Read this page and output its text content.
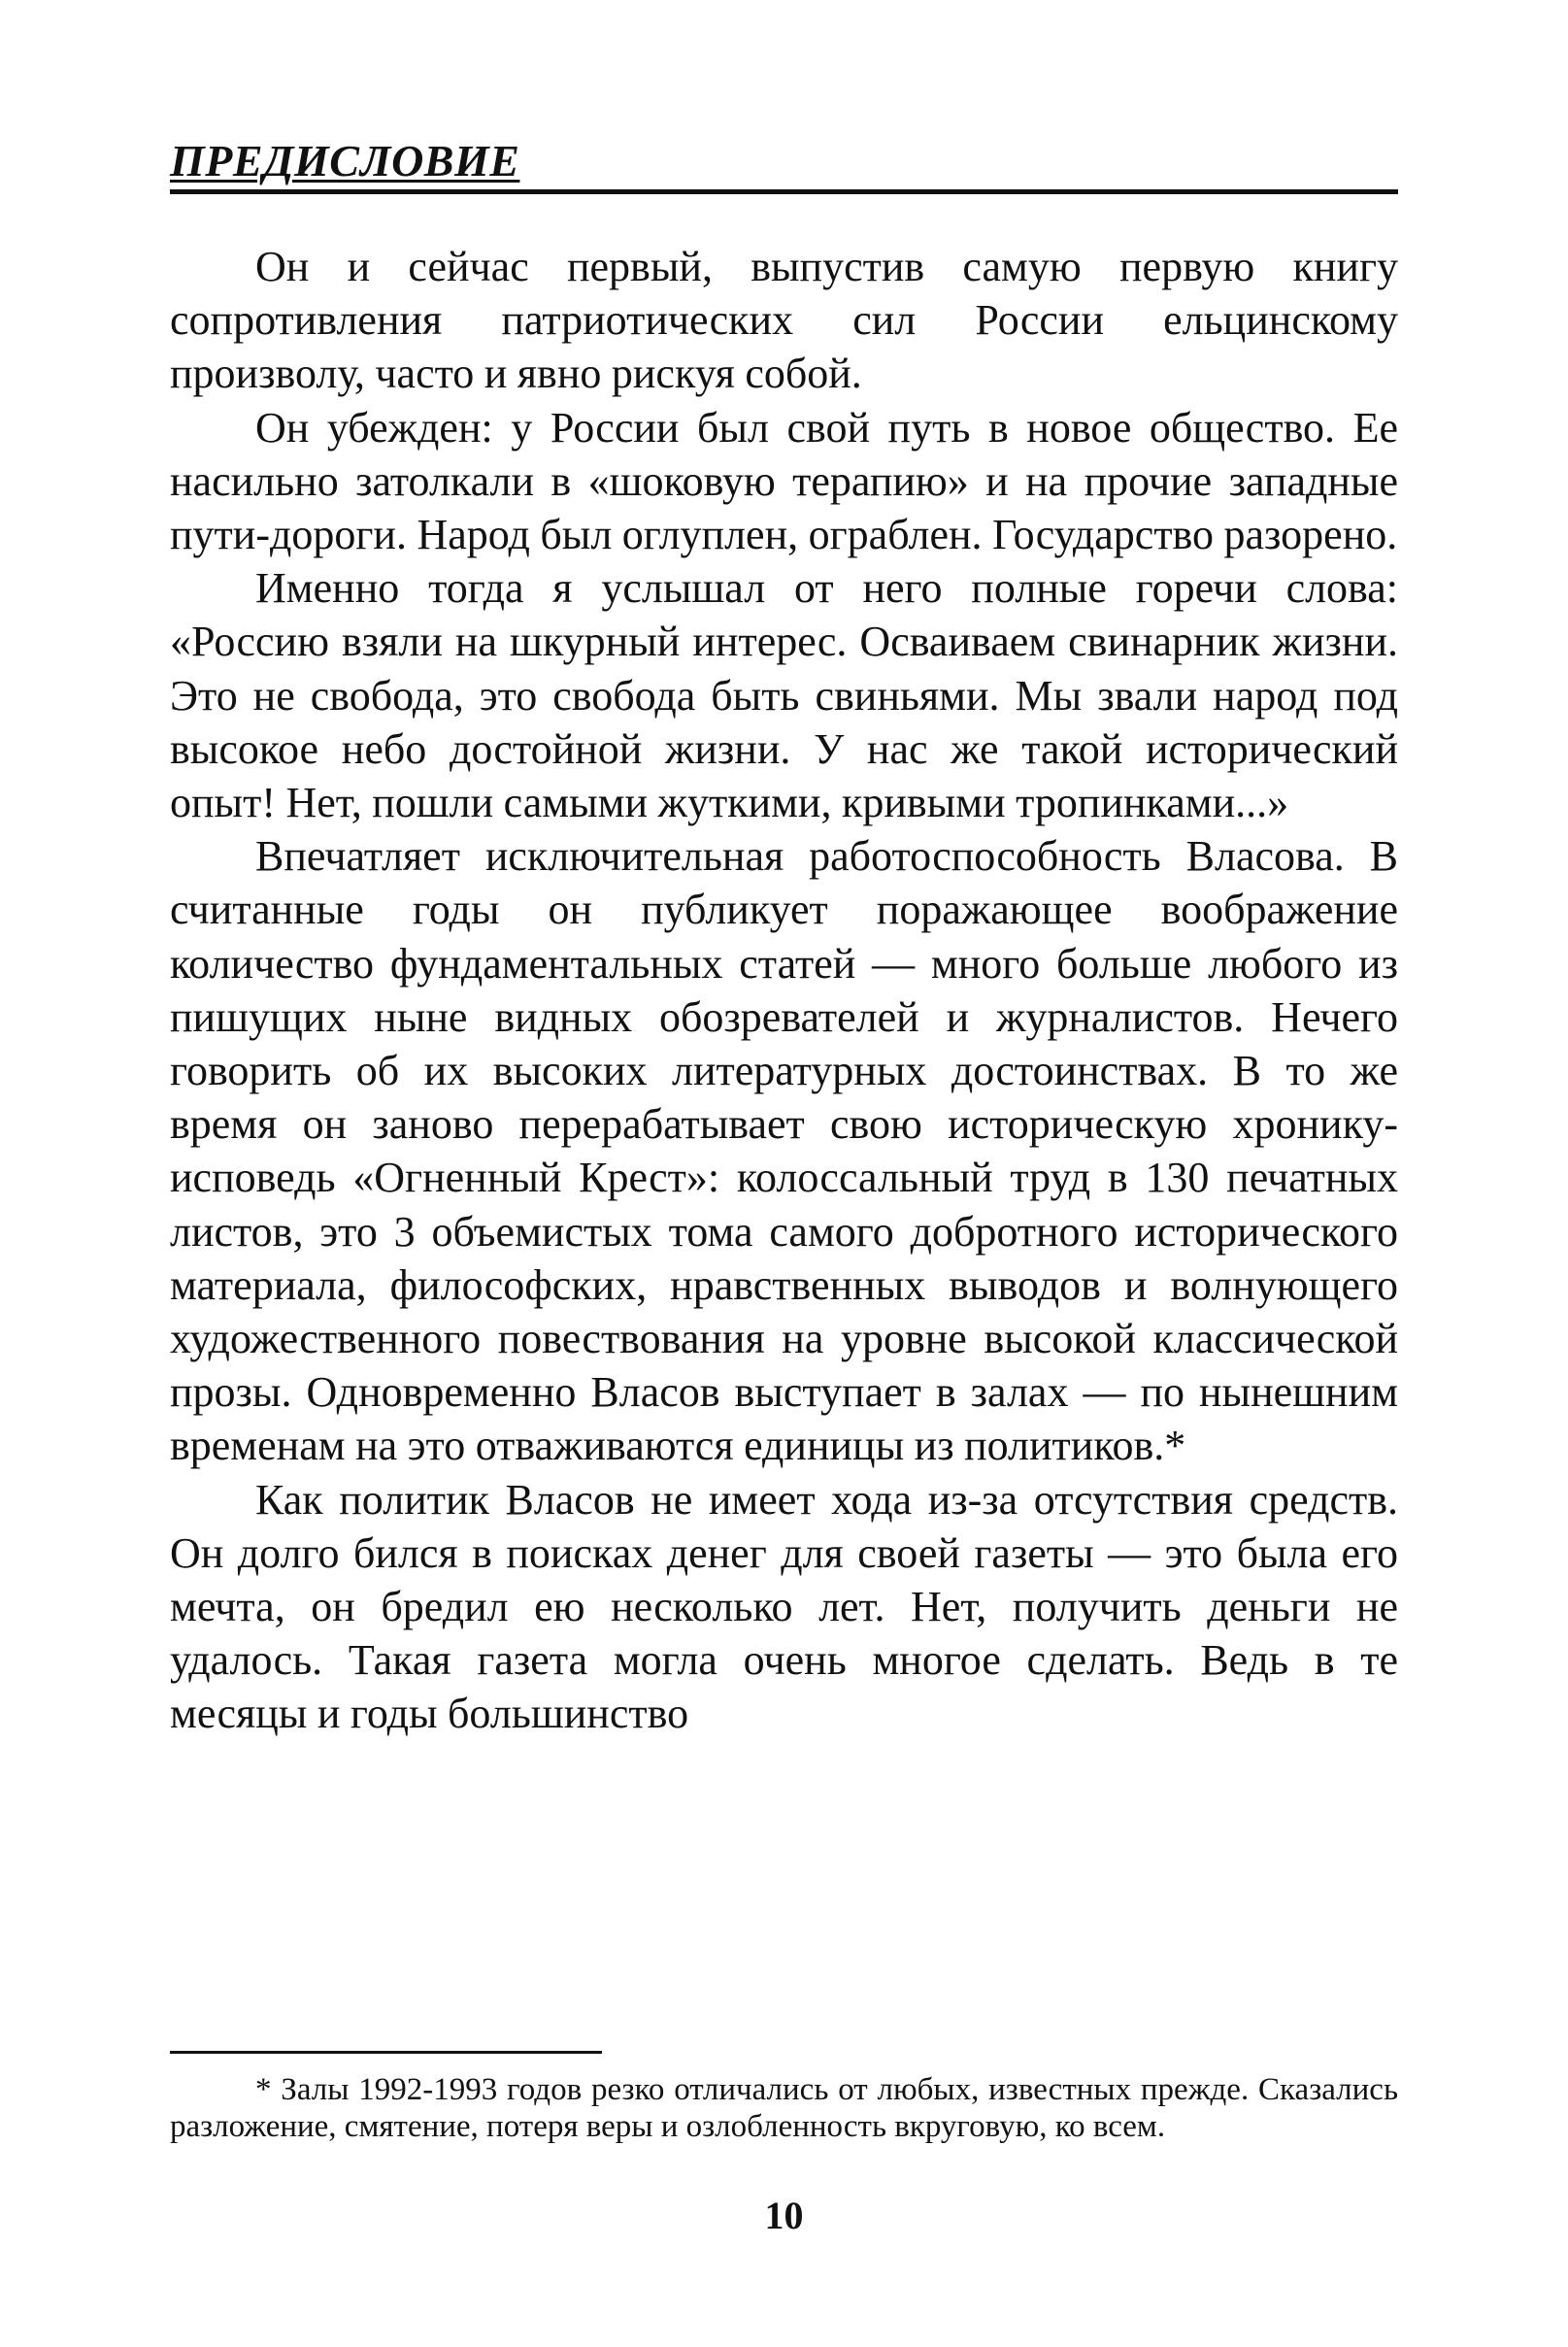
ПРЕДИСЛОВИЕ

Он и сейчас первый, выпустив самую первую книгу сопротивления патриотических сил России ельцинскому произволу, часто и явно рискуя собой.

Он убежден: у России был свой путь в новое общество. Ее насильно затолкали в «шоковую терапию» и на прочие западные пути-дороги. Народ был оглуплен, ограблен. Государство разорено.

Именно тогда я услышал от него полные горечи слова: «Россию взяли на шкурный интерес. Осваиваем свинарник жизни. Это не свобода, это свобода быть свиньями. Мы звали народ под высокое небо достойной жизни. У нас же такой исторический опыт! Нет, пошли самыми жуткими, кривыми тропинками...»

Впечатляет исключительная работоспособность Власова. В считанные годы он публикует поражающее воображение количество фундаментальных статей — много больше любого из пишущих ныне видных обозревателей и журналистов. Нечего говорить об их высоких литературных достоинствах. В то же время он заново перерабатывает свою историческую хронику-исповедь «Огненный Крест»: колоссальный труд в 130 печатных листов, это 3 объемистых тома самого добротного исторического материала, философских, нравственных выводов и волнующего художественного повествования на уровне высокой классической прозы. Одновременно Власов выступает в залах — по нынешним временам на это отваживаются единицы из политиков.*

Как политик Власов не имеет хода из-за отсутствия средств. Он долго бился в поисках денег для своей газеты — это была его мечта, он бредил ею несколько лет. Нет, получить деньги не удалось. Такая газета могла очень многое сделать. Ведь в те месяцы и годы большинство

* Залы 1992-1993 годов резко отличались от любых, известных прежде. Сказались разложение, смятение, потеря веры и озлобленность вкруговую, ко всем.

10
